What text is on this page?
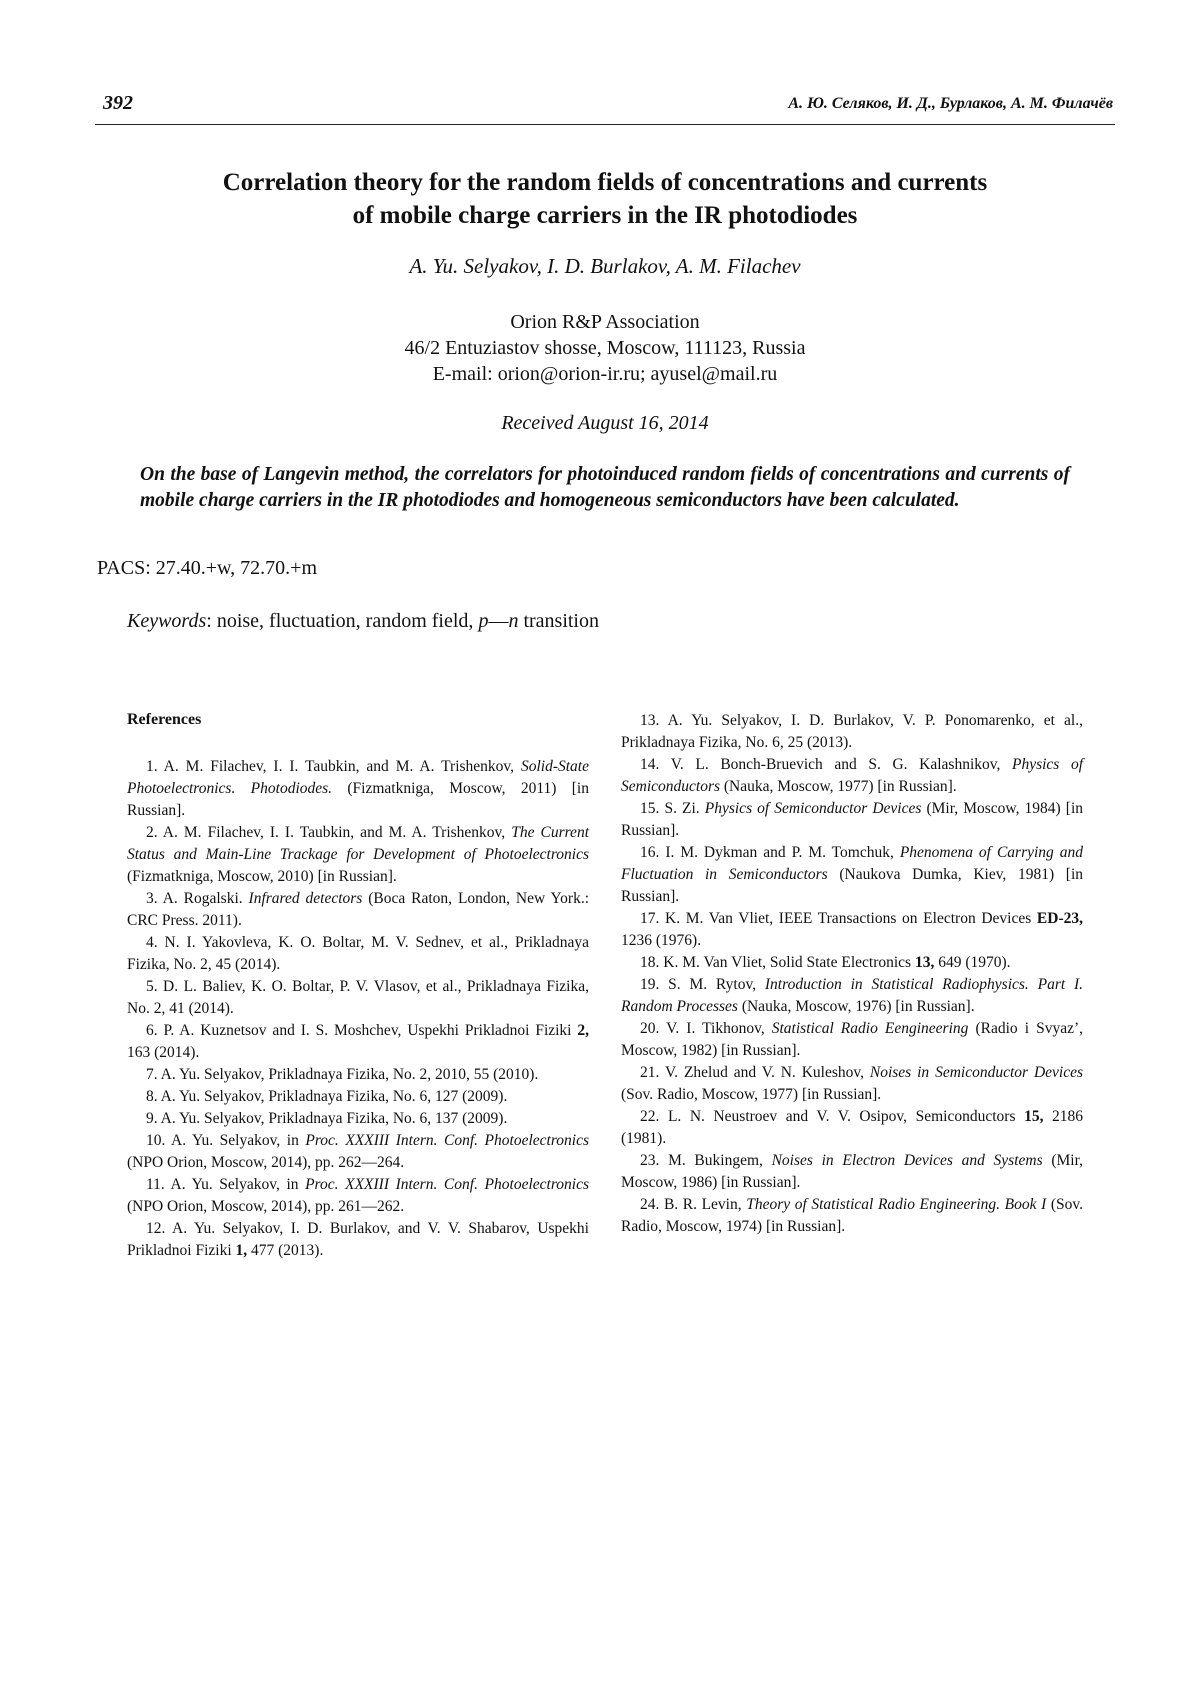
392	А. Ю. Селяков, И. Д., Бурлаков, А. М. Филачёв
Correlation theory for the random fields of concentrations and currents
of mobile charge carriers in the IR photodiodes
A. Yu. Selyakov, I. D. Burlakov, A. M. Filachev
Orion R&P Association
46/2 Entuziastov shosse, Moscow, 111123, Russia
E-mail: orion@orion-ir.ru; ayusel@mail.ru
Received August 16, 2014

On the base of Langevin method, the correlators for photoinduced random fields of concentrations and currents of mobile charge carriers in the IR photodiodes and homogeneous semiconductors have been calculated.

PACS: 27.40.+w, 72.70.+m
Keywords: noise, fluctuation, random field, p—n transition
References

1. A. M. Filachev, I. I. Taubkin, and M. A. Trishenkov, Solid-State Photoelectronics. Photodiodes. (Fizmatkniga, Moscow, 2011) [in Russian].

2. A. M. Filachev, I. I. Taubkin, and M. A. Trishenkov, The Current Status and Main-Line Trackage for Development of Photoelectronics (Fizmatkniga, Moscow, 2010) [in Russian].

3. A. Rogalski. Infrared detectors (Boca Raton, London, New York.: CRC Press. 2011).

4. N. I. Yakovleva, K. O. Boltar, M. V. Sednev, et al., Prikladnaya Fizika, No. 2, 45 (2014).

5. D. L. Baliev, K. O. Boltar, P. V. Vlasov, et al., Prikladnaya Fizika, No. 2, 41 (2014).

6. P. A. Kuznetsov and I. S. Moshchev, Uspekhi Prikladnoi Fiziki 2, 163 (2014).

7. A. Yu. Selyakov, Prikladnaya Fizika, No. 2, 2010, 55 (2010).

8. A. Yu. Selyakov, Prikladnaya Fizika, No. 6, 127 (2009).

9. A. Yu. Selyakov, Prikladnaya Fizika, No. 6, 137 (2009).

10. A. Yu. Selyakov, in Proc. XXXIII Intern. Conf. Photoelectronics (NPO Orion, Moscow, 2014), pp. 262—264.

11. A. Yu. Selyakov, in Proc. XXXIII Intern. Conf. Photoelectronics (NPO Orion, Moscow, 2014), pp. 261—262.

12. A. Yu. Selyakov, I. D. Burlakov, and V. V. Shabarov, Uspekhi Prikladnoi Fiziki 1, 477 (2013).

13. A. Yu. Selyakov, I. D. Burlakov, V. P. Ponomarenko, et al., Prikladnaya Fizika, No. 6, 25 (2013).

14. V. L. Bonch-Bruevich and S. G. Kalashnikov, Physics of Semiconductors (Nauka, Moscow, 1977) [in Russian].

15. S. Zi. Physics of Semiconductor Devices (Mir, Moscow, 1984) [in Russian].

16. I. M. Dykman and P. M. Tomchuk, Phenomena of Carrying and Fluctuation in Semiconductors (Naukova Dumka, Kiev, 1981) [in Russian].

17. K. M. Van Vliet, IEEE Transactions on Electron Devices ED-23, 1236 (1976).

18. K. M. Van Vliet, Solid State Electronics 13, 649 (1970).

19. S. M. Rytov, Introduction in Statistical Radiophysics. Part I. Random Processes (Nauka, Moscow, 1976) [in Russian].

20. V. I. Tikhonov, Statistical Radio Eengineering (Radio i Svyaz’, Moscow, 1982) [in Russian].

21. V. Zhelud and V. N. Kuleshov, Noises in Semiconductor Devices (Sov. Radio, Moscow, 1977) [in Russian].

22. L. N. Neustroev and V. V. Osipov, Semiconductors 15, 2186 (1981).

23. M. Bukingem, Noises in Electron Devices and Systems (Mir, Moscow, 1986) [in Russian].

24. B. R. Levin, Theory of Statistical Radio Engineering. Book I (Sov. Radio, Moscow, 1974) [in Russian].
